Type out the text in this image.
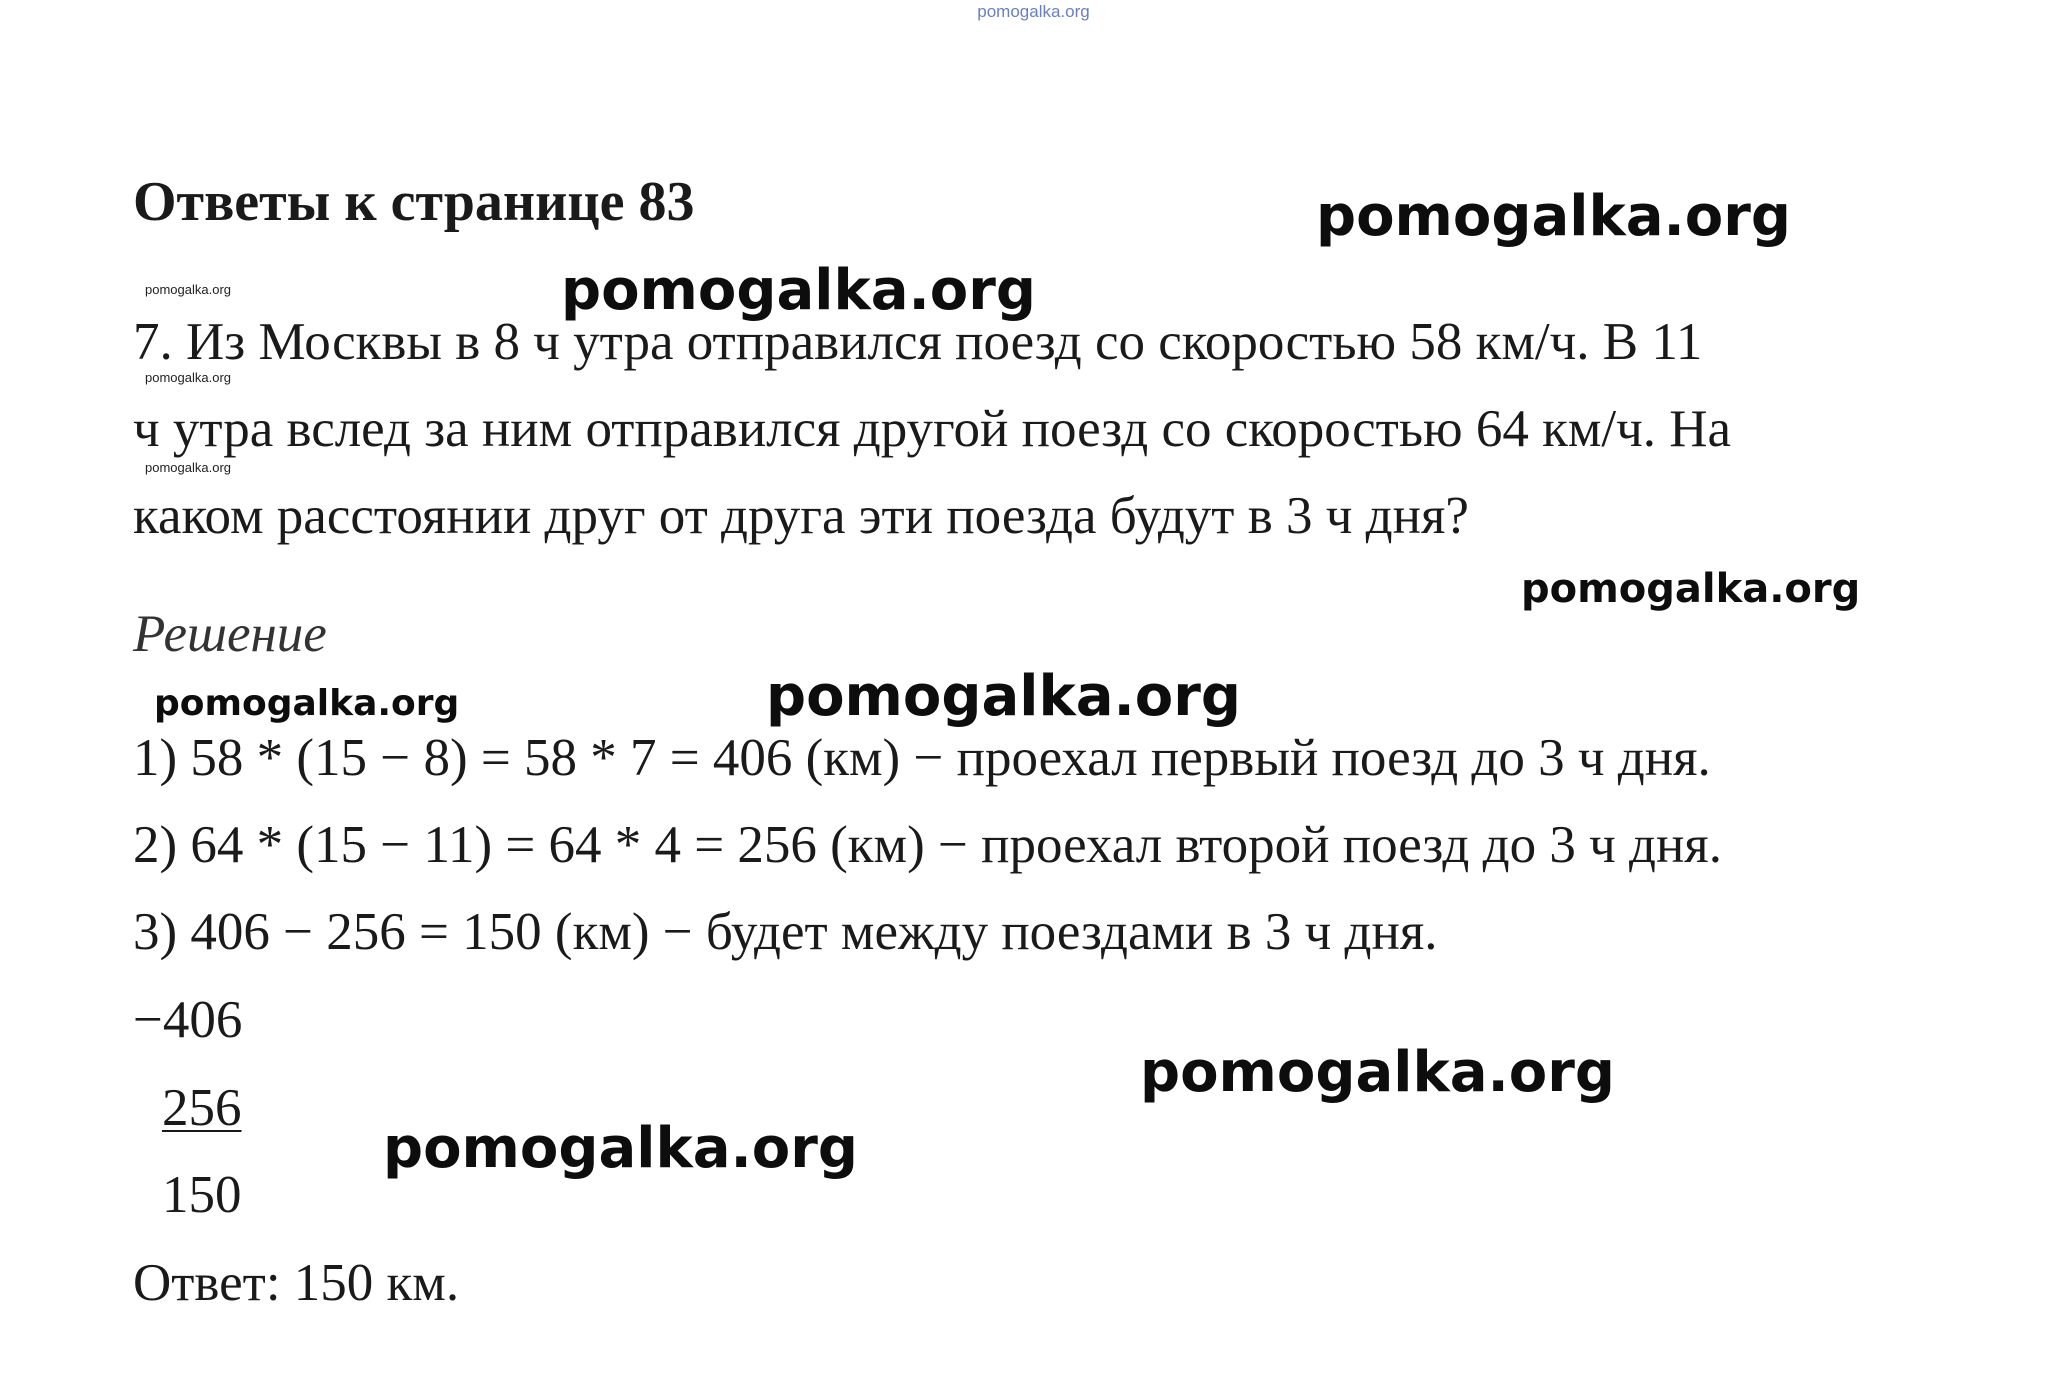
pomogalka.org
Ответы к странице 83	pomogalka.org
pomogalka.org
pomogalka.org
pomogalka.org
pomogalka.org
7. Из Москвы в 8 ч утра отправился поезд со скоростью 58 км/ч. В 11
ч утра вслед за ним отправился другой поезд со скоростью 64 км/ч. На
каком расстоянии друг от друга эти поезда будут в 3 ч дня?
pomogalka.org
Решение
pomogalka.org	pomogalka.org
1) 58 * (15 − 8) = 58 * 7 = 406 (км) − проехал первый поезд до 3 ч дня.
2) 64 * (15 − 11) = 64 * 4 = 256 (км) − проехал второй поезд до 3 ч дня.
3) 406 − 256 = 150 (км) − будет между поездами в 3 ч дня.
−406
256
150
pomogalka.org
pomogalka.org
Ответ: 150 км.
